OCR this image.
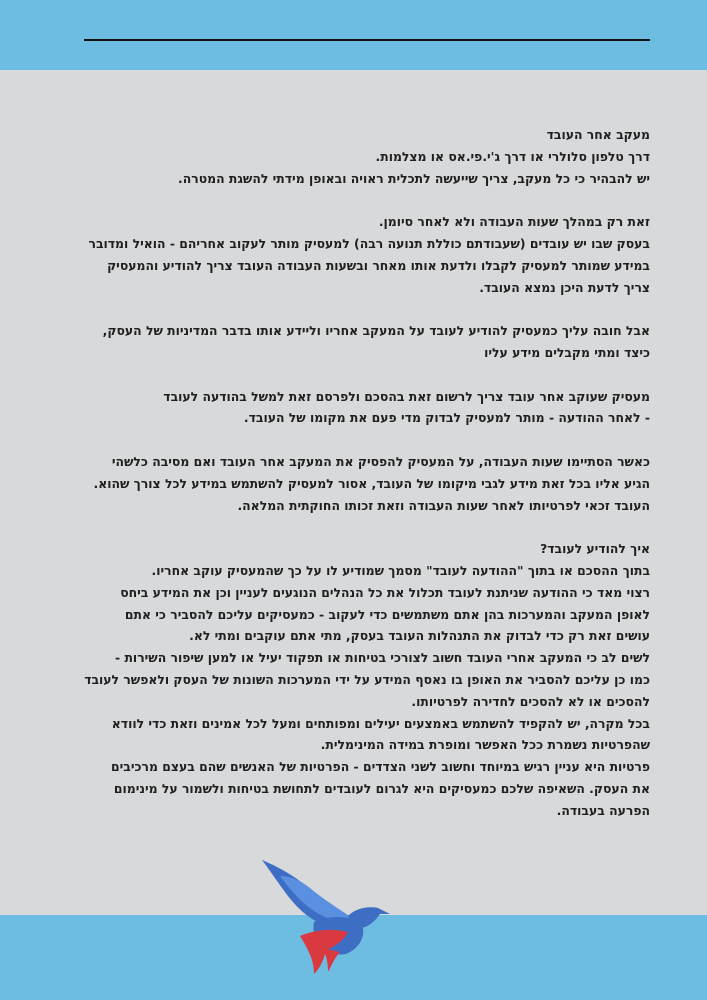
מעקב אחר העובד
דרך טלפון סלולרי או דרך ג'י.פי.אס או מצלמות.
יש להבהיר כי כל מעקב, צריך שייעשה לתכלית ראויה ובאופן מידתי להשגת המטרה.
זאת רק במהלך שעות העבודה ולא לאחר סיומן.
בעסק שבו יש עובדים (שעבודתם כוללת תנועה רבה) למעסיק מותר לעקוב אחריהם - הואיל ומדובר
במידע שמותר למעסיק לקבלו ולדעת אותו מאחר ובשעות העבודה העובד צריך להודיע והמעסיק
צריך לדעת היכן נמצא העובד.
אבל חובה עליך כמעסיק להודיע לעובד על המעקב אחריו וליידע אותו בדבר המדיניות של העסק,
כיצד ומתי מקבלים מידע עליו
מעסיק שעוקב אחר עובד צריך לרשום זאת בהסכם ולפרסם זאת למשל בהודעה לעובד
- לאחר ההודעה - מותר למעסיק לבדוק מדי פעם את מקומו של העובד.
כאשר הסתיימו שעות העבודה, על המעסיק להפסיק את המעקב אחר העובד ואם מסיבה כלשהי
הגיע אליו בכל זאת מידע לגבי מיקומו של העובד, אסור למעסיק להשתמש במידע לכל צורך שהוא.
העובד זכאי לפרטיותו לאחר שעות העבודה וזאת זכותו החוקתית המלאה.
איך להודיע לעובד?
בתוך ההסכם או בתוך "ההודעה לעובד" מסמך שמודיע לו על כך שהמעסיק עוקב אחריו.
רצוי מאד כי ההודעה שניתנת לעובד תכלול את כל הנהלים הנוגעים לעניין וכן את המידע ביחס
לאופן המעקב והמערכות בהן אתם משתמשים כדי לעקוב - כמעסיקים עליכם להסביר כי אתם
עושים זאת רק כדי לבדוק את התנהלות העובד בעסק, מתי אתם עוקבים ומתי לא.
לשים לב כי המעקב אחרי העובד חשוב לצורכי בטיחות או תפקוד יעיל או למען שיפור השירות -
כמו כן עליכם להסביר את האופן בו נאסף המידע על ידי המערכות השונות של העסק ולאפשר לעובד
להסכים או לא להסכים לחדירה לפרטיותו.
בכל מקרה, יש להקפיד להשתמש באמצעים יעילים ומפותחים ומעל לכל אמינים וזאת כדי לוודא
שהפרטיות נשמרת ככל האפשר ומופרת במידה המינימלית.
פרטיות היא עניין רגיש במיוחד וחשוב לשני הצדדים - הפרטיות של האנשים שהם בעצם מרכיבים
את העסק. השאיפה שלכם כמעסיקים היא לגרום לעובדים לתחושת בטיחות ולשמור על מינימום
הפרעה בעבודה.
